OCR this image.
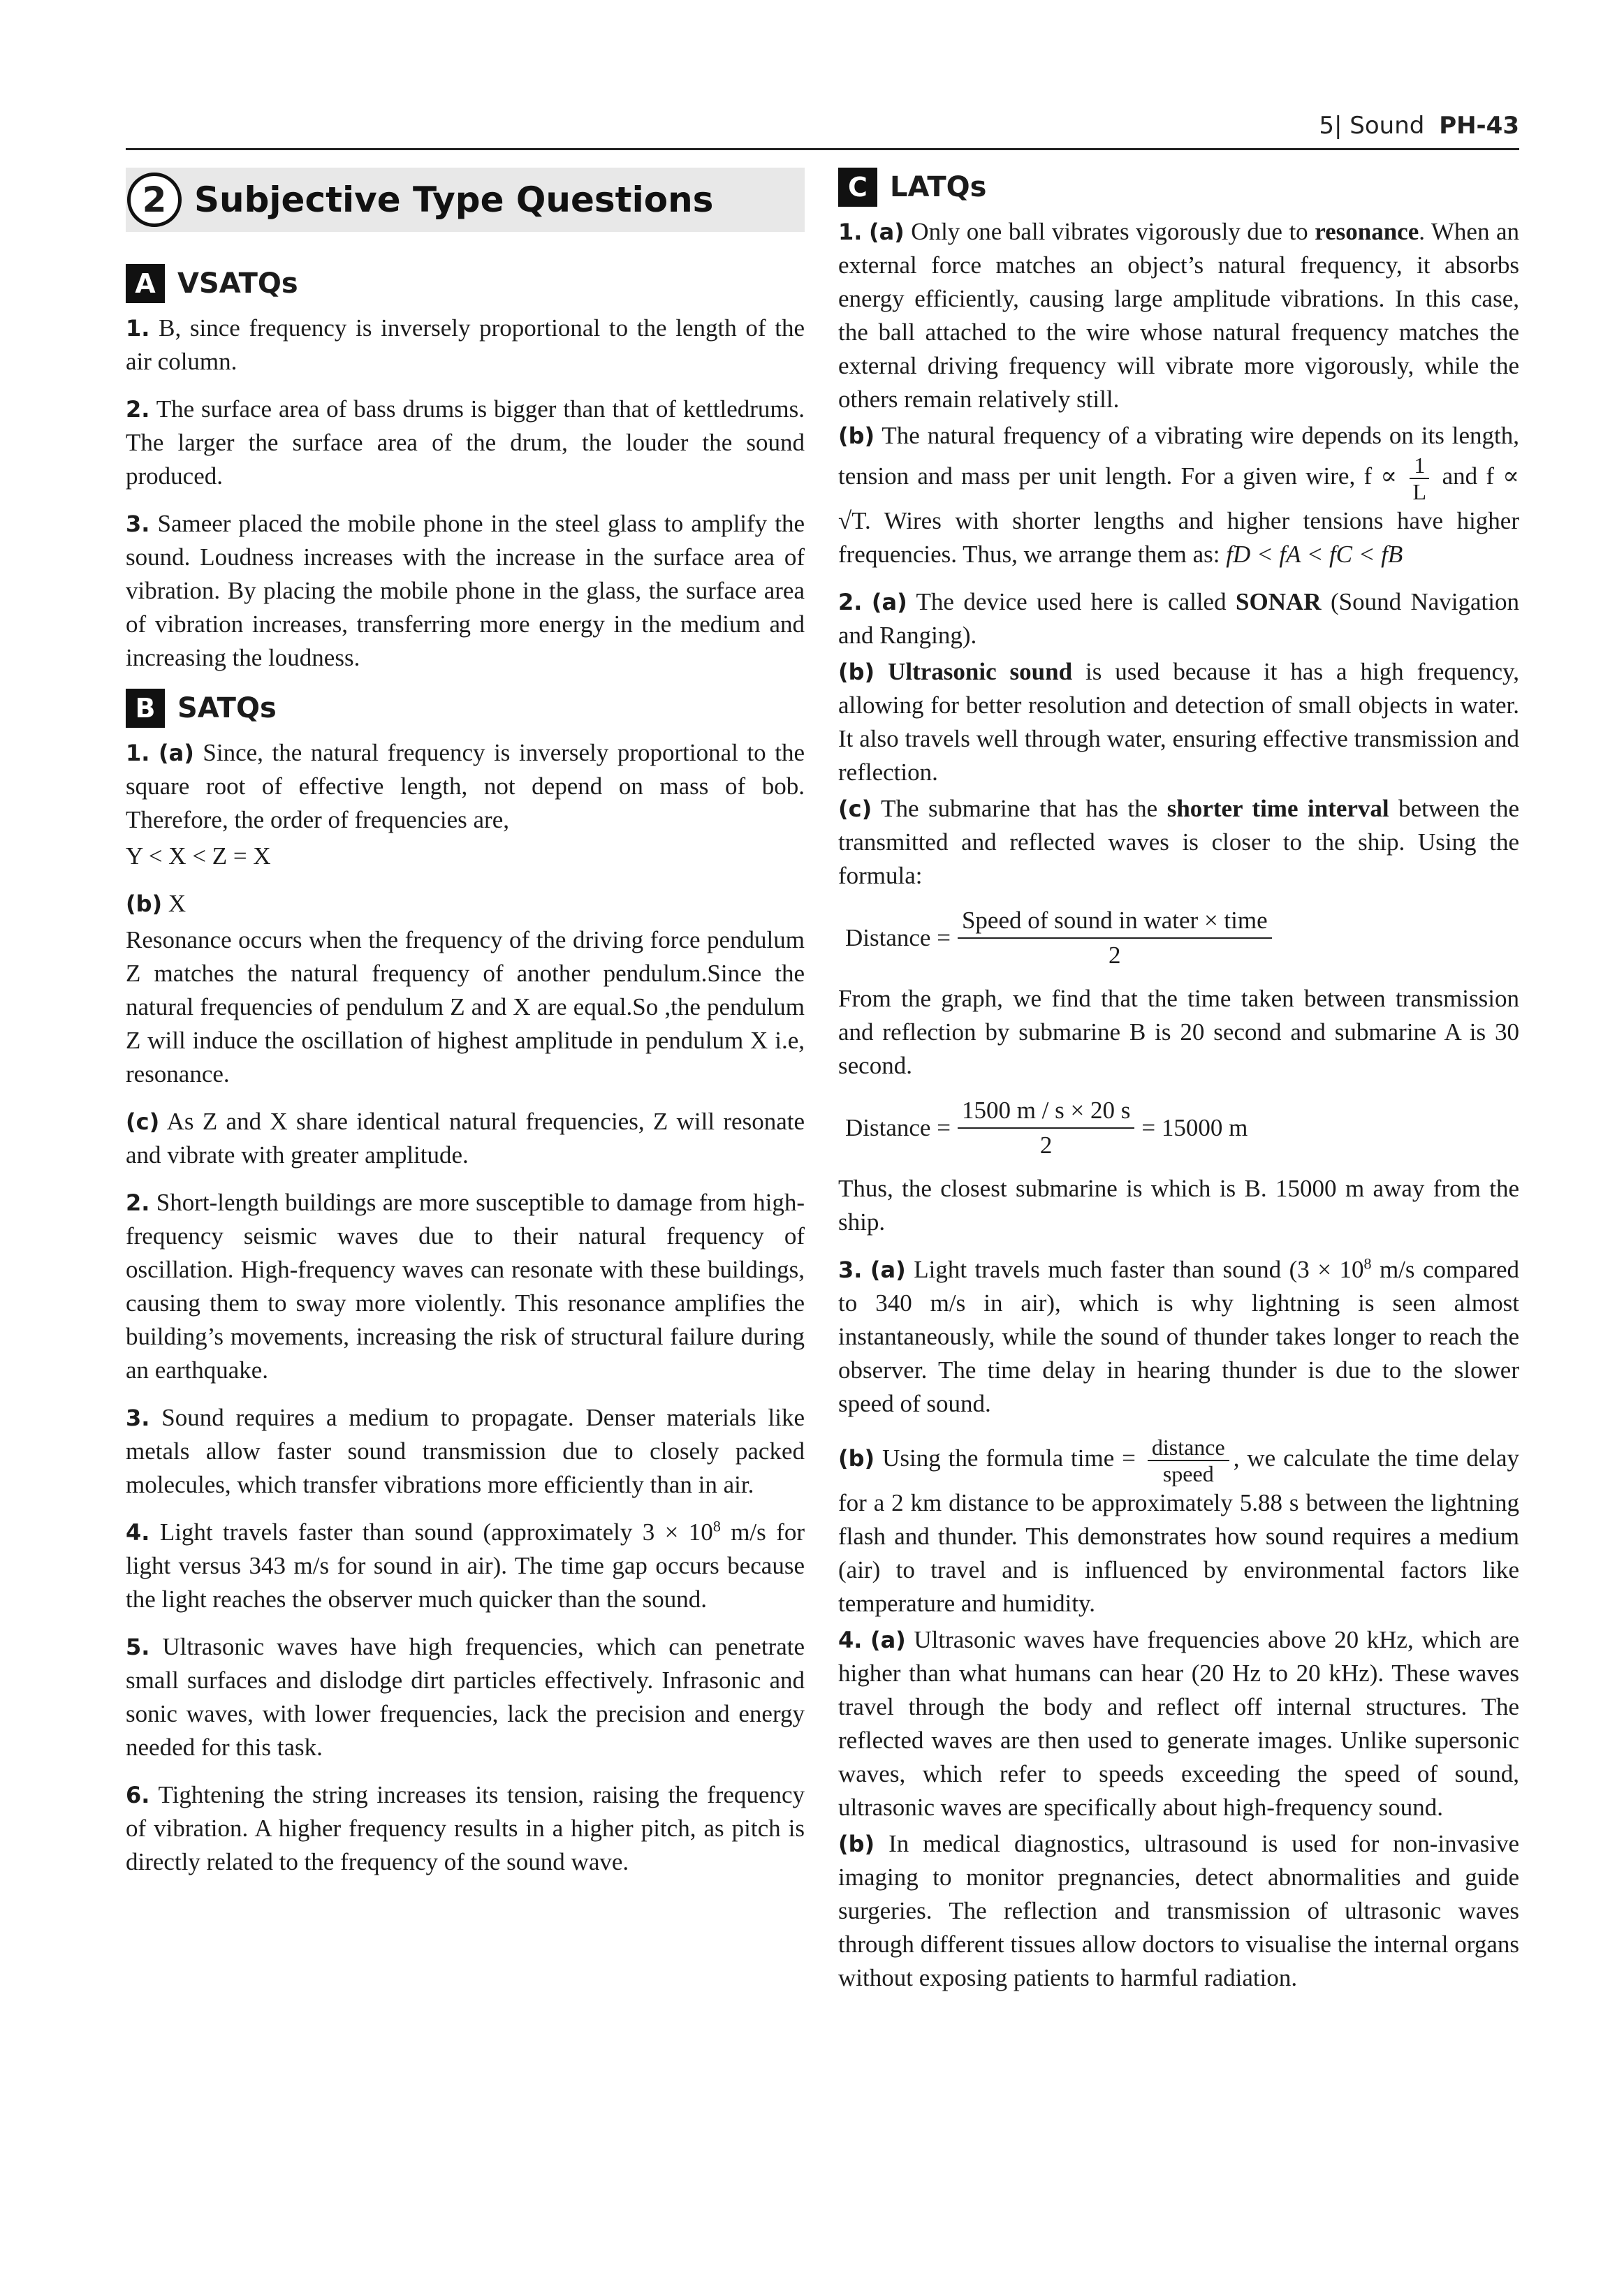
5| Sound PH-43
2 Subjective Type Questions
A VSATQs

1. B, since frequency is inversely proportional to the length of the air column.

2. The surface area of bass drums is bigger than that of kettledrums. The larger the surface area of the drum, the louder the sound produced.

3. Sameer placed the mobile phone in the steel glass to amplify the sound. Loudness increases with the increase in the surface area of vibration. By placing the mobile phone in the glass, the surface area of vibration increases, transferring more energy in the medium and increasing the loudness.

B SATQs

1. (a) Since, the natural frequency is inversely proportional to the square root of effective length, not depend on mass of bob. Therefore, the order of frequencies are,

Y < X < Z = X

(b) X

Resonance occurs when the frequency of the driving force pendulum Z matches the natural frequency of another pendulum.Since the natural frequencies of pendulum Z and X are equal.So ,the pendulum Z will induce the oscillation of highest amplitude in pendulum X i.e, resonance.

(c) As Z and X share identical natural frequencies, Z will resonate and vibrate with greater amplitude.

2. Short-length buildings are more susceptible to damage from high-frequency seismic waves due to their natural frequency of oscillation. High-frequency waves can resonate with these buildings, causing them to sway more violently. This resonance amplifies the building’s movements, increasing the risk of structural failure during an earthquake.

3. Sound requires a medium to propagate. Denser materials like metals allow faster sound transmission due to closely packed molecules, which transfer vibrations more efficiently than in air.

4. Light travels faster than sound (approximately $3 \times 10^8$ m/s for light versus 343 m/s for sound in air). The time gap occurs because the light reaches the observer much quicker than the sound.

5. Ultrasonic waves have high frequencies, which can penetrate small surfaces and dislodge dirt particles effectively. Infrasonic and sonic waves, with lower frequencies, lack the precision and energy needed for this task.

6. Tightening the string increases its tension, raising the frequency of vibration. A higher frequency results in a higher pitch, as pitch is directly related to the frequency of the sound wave.

C LATQs

1. (a) Only one ball vibrates vigorously due to resonance. When an external force matches an object’s natural frequency, it absorbs energy efficiently, causing large amplitude vibrations. In this case, the ball attached to the wire whose natural frequency matches the external driving frequency will vibrate more vigorously, while the others remain relatively still.

(b) The natural frequency of a vibrating wire depends on its length, tension and mass per unit length. For a given wire, $f \propto \frac{1}{L}$ and f ∝ √T. Wires with shorter lengths and higher tensions have higher frequencies. Thus, we arrange them as: fD < fA < fC < fB

2. (a) The device used here is called SONAR (Sound Navigation and Ranging).

(b) Ultrasonic sound is used because it has a high frequency, allowing for better resolution and detection of small objects in water. It also travels well through water, ensuring effective transmission and reflection.

(c) The submarine that has the shorter time interval between the transmitted and reflected waves is closer to the ship. Using the formula:

Distance = $\frac{\text{Speed of sound in water × time}}{2}$

From the graph, we find that the time taken between transmission and reflection by submarine B is 20 second and submarine A is 30 second.

Distance = $\frac{1500 m / s \times 20 s}{2} = 15000$ m

Thus, the closest submarine is which is B. 15000 m away from the ship.

3. (a) Light travels much faster than sound ($3 \times 10^8$ m/s compared to 340 m/s in air), which is why lightning is seen almost instantaneously, while the sound of thunder takes longer to reach the observer. The time delay in hearing thunder is due to the slower speed of sound.

(b) Using the formula time = $\frac{\text{distance}}{\text{speed}}$ , we calculate the time delay for a 2 km distance to be approximately 5.88 s between the lightning flash and thunder. This demonstrates how sound requires a medium (air) to travel and is influenced by environmental factors like temperature and humidity.

4. (a) Ultrasonic waves have frequencies above 20 kHz, which are higher than what humans can hear (20 Hz to 20 kHz). These waves travel through the body and reflect off internal structures. The reflected waves are then used to generate images. Unlike supersonic waves, which refer to speeds exceeding the speed of sound, ultrasonic waves are specifically about high-frequency sound.

(b) In medical diagnostics, ultrasound is used for non-invasive imaging to monitor pregnancies, detect abnormalities and guide surgeries. The reflection and transmission of ultrasonic waves through different tissues allow doctors to visualise the internal organs without exposing patients to harmful radiation.
